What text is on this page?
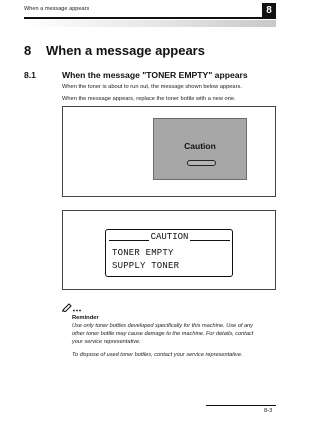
When a message appears	8
8 When a message appears
8.1	When the message "TONER EMPTY" appears
When the toner is about to run out, the message shown below appears.
When the message appears, replace the toner bottle with a new one.
Caution
CAUTION
TONER EMPTY
SUPPLY TONER
Reminder
Use only toner bottles developed specifically for this machine. Use of any
other toner bottle may cause damage to the machine. For details, contact
your service representative.
To dispose of used toner bottles, contact your service representative.
8-3
